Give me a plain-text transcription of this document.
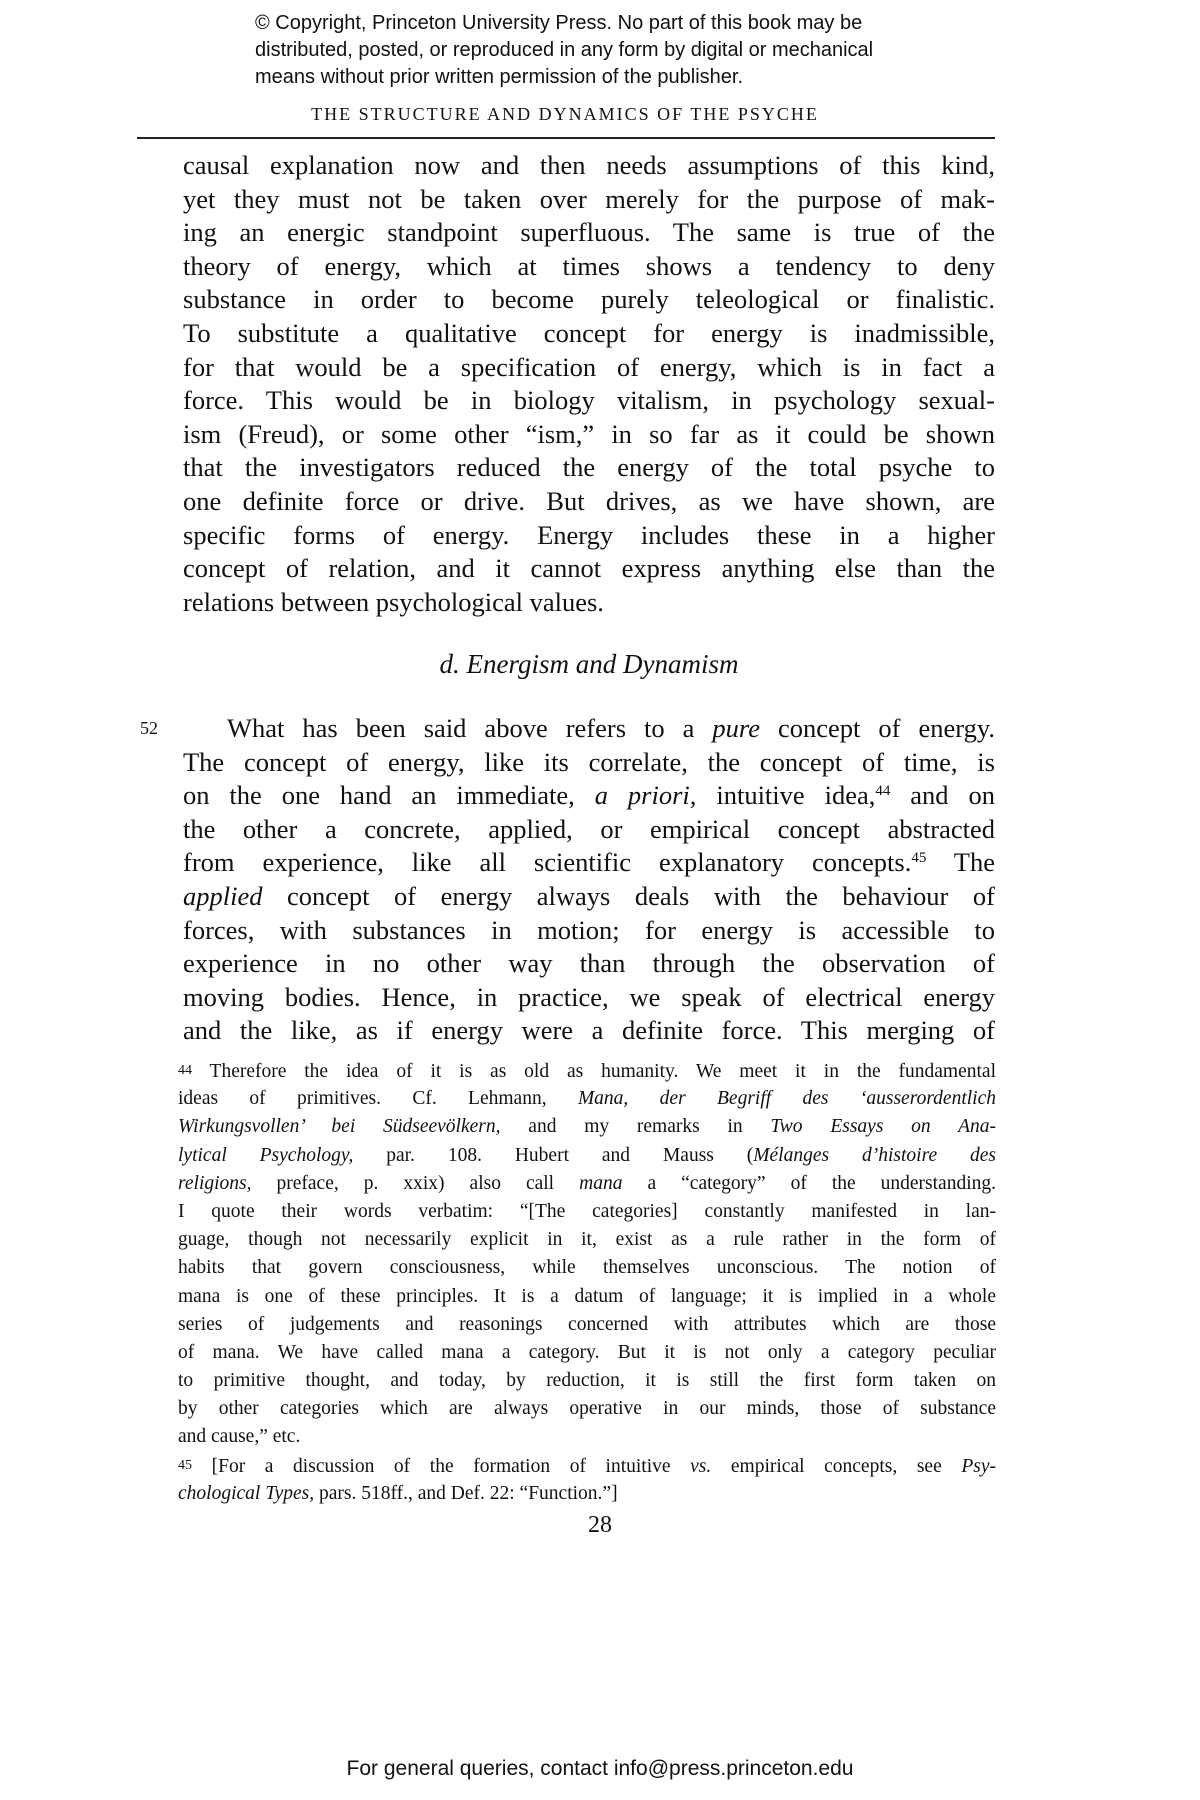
© Copyright, Princeton University Press. No part of this book may be
distributed, posted, or reproduced in any form by digital or mechanical
means without prior written permission of the publisher.
THE STRUCTURE AND DYNAMICS OF THE PSYCHE
causal explanation now and then needs assumptions of this kind,
yet they must not be taken over merely for the purpose of mak-
ing an energic standpoint superfluous. The same is true of the
theory of energy, which at times shows a tendency to deny
substance in order to become purely teleological or finalistic.
To substitute a qualitative concept for energy is inadmissible,
for that would be a specification of energy, which is in fact a
force. This would be in biology vitalism, in psychology sexual-
ism (Freud), or some other “ism,” in so far as it could be shown
that the investigators reduced the energy of the total psyche to
one definite force or drive. But drives, as we have shown, are
specific forms of energy. Energy includes these in a higher
concept of relation, and it cannot express anything else than the
relations between psychological values.
d. Energism and Dynamism
52	What has been said above refers to a pure concept of energy.
The concept of energy, like its correlate, the concept of time, is
on the one hand an immediate, a priori, intuitive idea,$^{44}$ and on
the other a concrete, applied, or empirical concept abstracted
from experience, like all scientific explanatory concepts.$^{45}$ The
applied concept of energy always deals with the behaviour of
forces, with substances in motion; for energy is accessible to
experience in no other way than through the observation of
moving bodies. Hence, in practice, we speak of electrical energy
and the like, as if energy were a definite force. This merging of
44 Therefore the idea of it is as old as humanity. We meet it in the fundamental
ideas of primitives. Cf. Lehmann, Mana, der Begriff des ‘ausserordentlich
Wirkungsvollen’ bei Südseevölkern, and my remarks in Two Essays on Ana-
lytical Psychology, par. 108. Hubert and Mauss (Mélanges d’histoire des
religions, preface, p. xxix) also call mana a “category” of the understanding.
I quote their words verbatim: “[The categories] constantly manifested in lan-
guage, though not necessarily explicit in it, exist as a rule rather in the form of
habits that govern consciousness, while themselves unconscious. The notion of
mana is one of these principles. It is a datum of language; it is implied in a whole
series of judgements and reasonings concerned with attributes which are those
of mana. We have called mana a category. But it is not only a category peculiar
to primitive thought, and today, by reduction, it is still the first form taken on
by other categories which are always operative in our minds, those of substance
and cause,” etc.
45 [For a discussion of the formation of intuitive vs. empirical concepts, see Psy-
chological Types, pars. 518ff., and Def. 22: “Function.”]
28
For general queries, contact info@press.princeton.edu
